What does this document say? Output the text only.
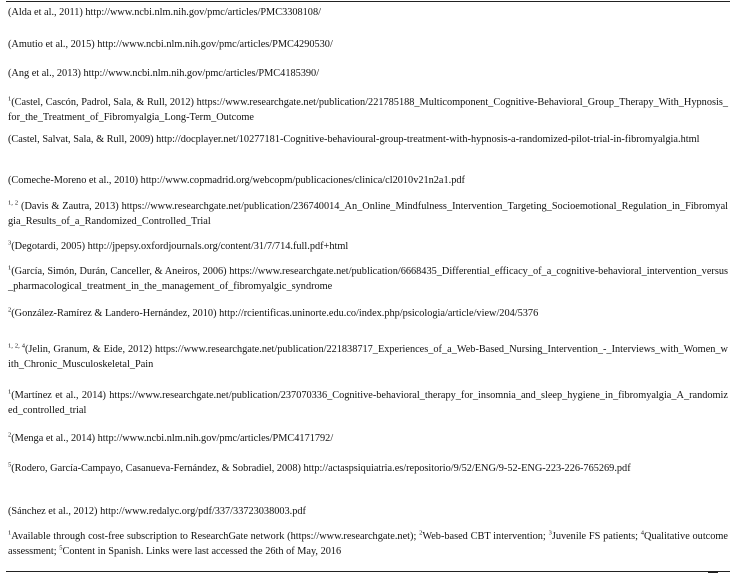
(Alda et al., 2011) http://www.ncbi.nlm.nih.gov/pmc/articles/PMC3308108/
(Amutio et al., 2015) http://www.ncbi.nlm.nih.gov/pmc/articles/PMC4290530/
(Ang et al., 2013) http://www.ncbi.nlm.nih.gov/pmc/articles/PMC4185390/
$^1$(Castel, Cascón, Padrol, Sala, & Rull, 2012) https://www.researchgate.net/publication/221785188_Multicomponent_Cognitive-Behavioral_Group_Therapy_With_Hypnosis_for_the_Treatment_of_Fibromyalgia_Long-Term_Outcome
(Castel, Salvat, Sala, & Rull, 2009) http://docplayer.net/10277181-Cognitive-behavioural-group-treatment-with-hypnosis-a-randomized-pilot-trial-in-fibromyalgia.html
(Comeche-Moreno et al., 2010) http://www.copmadrid.org/webcopm/publicaciones/clinica/cl2010v21n2a1.pdf
$^{1, 2}$ (Davis & Zautra, 2013) https://www.researchgate.net/publication/236740014_An_Online_Mindfulness_Intervention_Targeting_Socioemotional_Regulation_in_Fibromyalgia_Results_of_a_Randomized_Controlled_Trial
$^3$(Degotardi, 2005) http://jpepsy.oxfordjournals.org/content/31/7/714.full.pdf+html
$^1$(García, Simón, Durán, Canceller, & Aneiros, 2006) https://www.researchgate.net/publication/6668435_Differential_efficacy_of_a_cognitive-behavioral_intervention_versus_pharmacological_treatment_in_the_management_of_fibromyalgic_syndrome
$^2$(González-Ramírez & Landero-Hernández, 2010) http://rcientificas.uninorte.edu.co/index.php/psicologia/article/view/204/5376
$^{1, 2, 4}$(Jelin, Granum, & Eide, 2012) https://www.researchgate.net/publication/221838717_Experiences_of_a_Web-Based_Nursing_Intervention_-_Interviews_with_Women_with_Chronic_Musculoskeletal_Pain
$^1$(Martínez et al., 2014) https://www.researchgate.net/publication/237070336_Cognitive-behavioral_therapy_for_insomnia_and_sleep_hygiene_in_fibromyalgia_A_randomized_controlled_trial
$^2$(Menga et al., 2014) http://www.ncbi.nlm.nih.gov/pmc/articles/PMC4171792/
$^5$(Rodero, García-Campayo, Casanueva-Fernández, & Sobradiel, 2008) http://actaspsiquiatria.es/repositorio/9/52/ENG/9-52-ENG-223-226-765269.pdf
(Sánchez et al., 2012) http://www.redalyc.org/pdf/337/33723038003.pdf
$^1$Available through cost-free subscription to ResearchGate network (https://www.researchgate.net); $^2$Web-based CBT intervention; $^3$Juvenile FS patients; $^4$Qualitative outcome assessment; $^5$Content in Spanish. Links were last accessed the 26th of May, 2016
